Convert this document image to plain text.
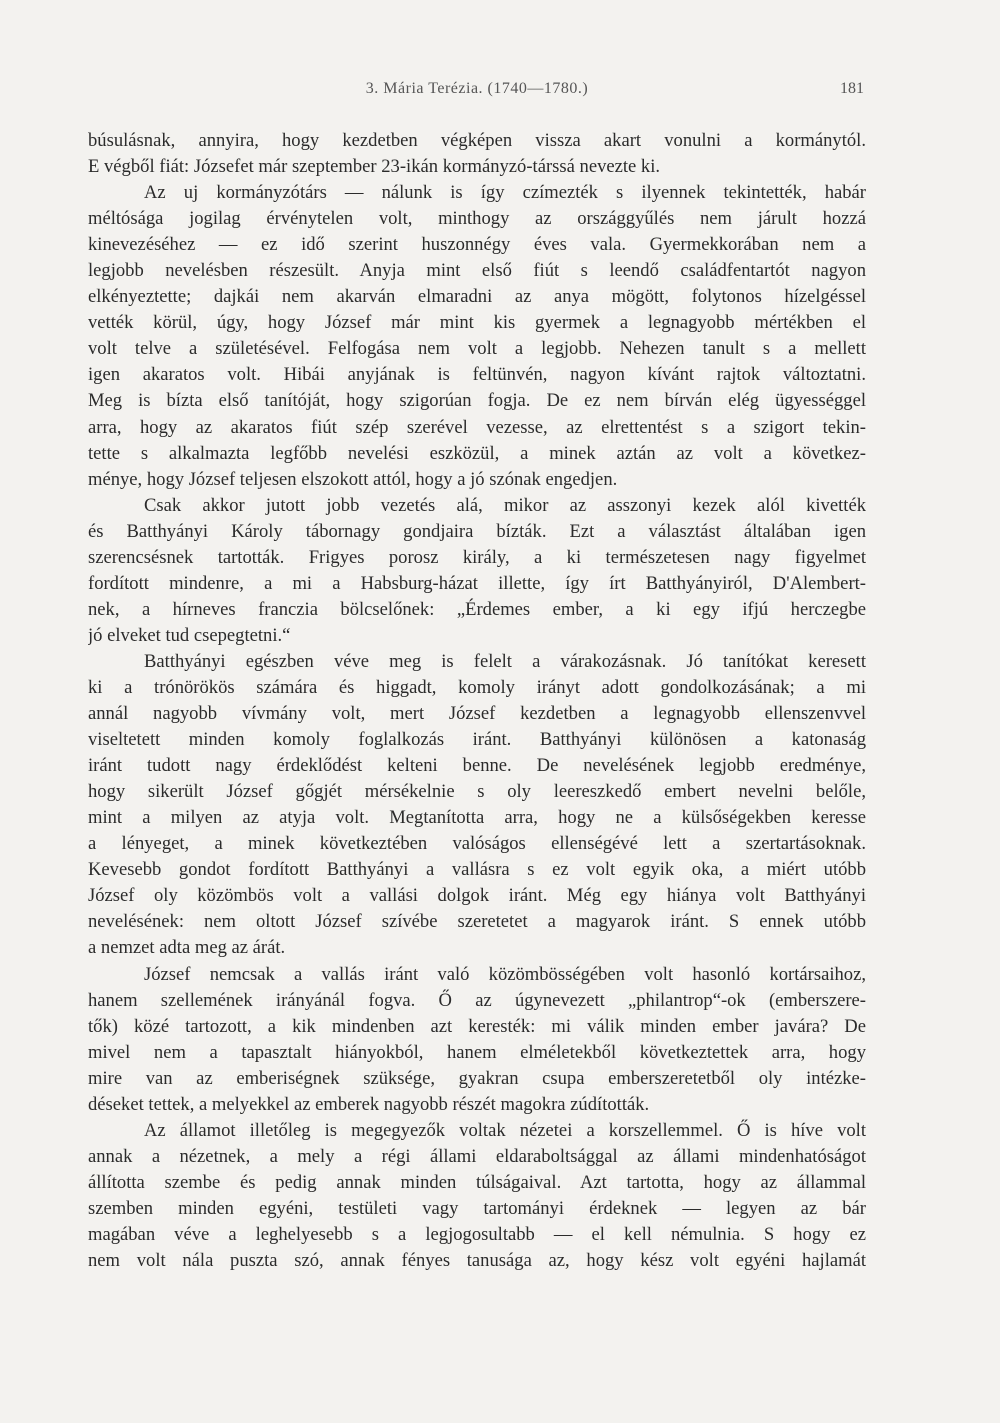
3. Mária Terézia. (1740—1780.)	181

búsulásnak, annyira, hogy kezdetben végképen vissza akart vonulni a kormánytól.
E végből fiát: Józsefet már szeptember 23-ikán kormányzó-társsá nevezte ki.

Az uj kormányzótárs — nálunk is így czímezték s ilyennek tekintették, habár
méltósága jogilag érvénytelen volt, minthogy az országgyűlés nem járult hozzá
kinevezéséhez — ez idő szerint huszonnégy éves vala. Gyermekkorában nem a
legjobb nevelésben részesült. Anyja mint első fiút s leendő családfentartót nagyon
elkényeztette; dajkái nem akarván elmaradni az anya mögött, folytonos hízelgéssel
vették körül, úgy, hogy József már mint kis gyermek a legnagyobb mértékben el
volt telve a születésével. Felfogása nem volt a legjobb. Nehezen tanult s a mellett
igen akaratos volt. Hibái anyjának is feltünvén, nagyon kívánt rajtok változtatni.
Meg is bízta első tanítóját, hogy szigorúan fogja. De ez nem bírván elég ügyességgel
arra, hogy az akaratos fiút szép szerével vezesse, az elrettentést s a szigort tekin-
tette s alkalmazta legfőbb nevelési eszközül, a minek aztán az volt a következ-
ménye, hogy József teljesen elszokott attól, hogy a jó szónak engedjen.

Csak akkor jutott jobb vezetés alá, mikor az asszonyi kezek alól kivették
és Batthyányi Károly tábornagy gondjaira bízták. Ezt a választást általában igen
szerencsésnek tartották. Frigyes porosz király, a ki természetesen nagy figyelmet
fordított mindenre, a mi a Habsburg-házat illette, így írt Batthyányiról, D'Alembert-
nek, a hírneves franczia bölcselőnek: „Érdemes ember, a ki egy ifjú herczegbe
jó elveket tud csepegtetni.“

Batthyányi egészben véve meg is felelt a várakozásnak. Jó tanítókat keresett
ki a trónörökös számára és higgadt, komoly irányt adott gondolkozásának; a mi
annál nagyobb vívmány volt, mert József kezdetben a legnagyobb ellenszenvvel
viseltetett minden komoly foglalkozás iránt. Batthyányi különösen a katonaság
iránt tudott nagy érdeklődést kelteni benne. De nevelésének legjobb eredménye,
hogy sikerült József gőgjét mérsékelnie s oly leereszkedő embert nevelni belőle,
mint a milyen az atyja volt. Megtanította arra, hogy ne a külsőségekben keresse
a lényeget, a minek következtében valóságos ellenségévé lett a szertartásoknak.
Kevesebb gondot fordított Batthyányi a vallásra s ez volt egyik oka, a miért utóbb
József oly közömbös volt a vallási dolgok iránt. Még egy hiánya volt Batthyányi
nevelésének: nem oltott József szívébe szeretetet a magyarok iránt. S ennek utóbb
a nemzet adta meg az árát.

József nemcsak a vallás iránt való közömbösségében volt hasonló kortársaihoz,
hanem szellemének irányánál fogva. Ő az úgynevezett „philantrop“-ok (emberszere-
tők) közé tartozott, a kik mindenben azt keresték: mi válik minden ember javára? De
mivel nem a tapasztalt hiányokból, hanem elméletekből következtettek arra, hogy
mire van az emberiségnek szüksége, gyakran csupa emberszeretetből oly intézke-
déseket tettek, a melyekkel az emberek nagyobb részét magokra zúdították.

Az államot illetőleg is megegyezők voltak nézetei a korszellemmel. Ő is híve volt
annak a nézetnek, a mely a régi állami eldaraboltsággal az állami mindenhatóságot
állította szembe és pedig annak minden túlságaival. Azt tartotta, hogy az állammal
szemben minden egyéni, testületi vagy tartományi érdeknek — legyen az bár
magában véve a leghelyesebb s a legjogosultabb — el kell némulnia. S hogy ez
nem volt nála puszta szó, annak fényes tanusága az, hogy kész volt egyéni hajlamát
